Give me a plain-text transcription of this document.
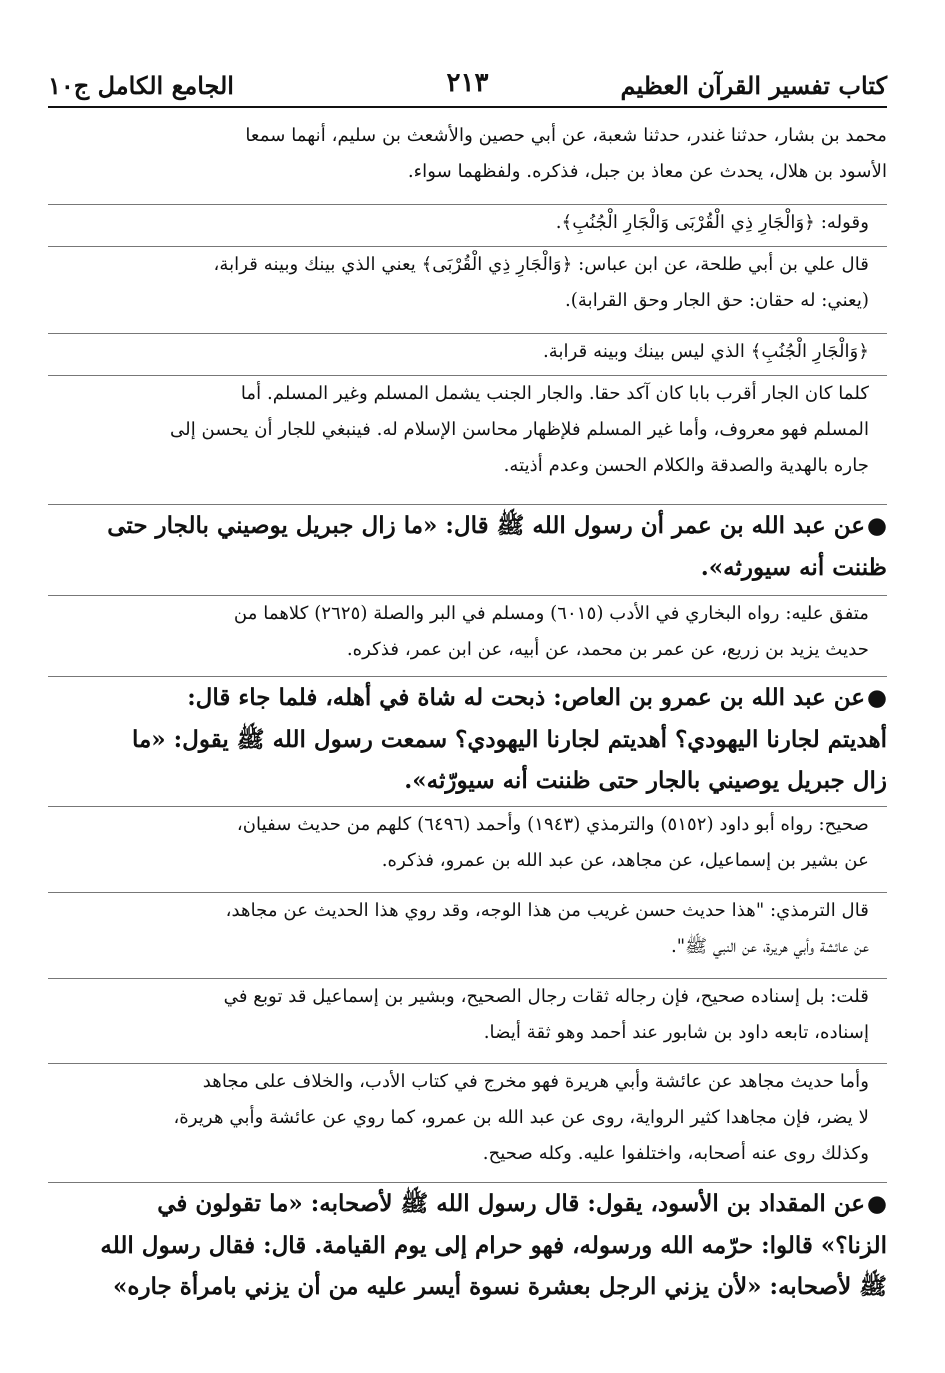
كتاب تفسير القرآن العظيم
٢١٣
الجامع الكامل ج١٠
محمد بن بشار، حدثنا غندر، حدثنا شعبة، عن أبي حصين والأشعث بن سليم، أنهما سمعا
الأسود بن هلال، يحدث عن معاذ بن جبل، فذكره. ولفظهما سواء.
وقوله: ﴿وَالْجَارِ ذِي الْقُرْبَى وَالْجَارِ الْجُنُبِ﴾.
قال علي بن أبي طلحة، عن ابن عباس: ﴿وَالْجَارِ ذِي الْقُرْبَى﴾ يعني الذي بينك وبينه قرابة،
(يعني: له حقان: حق الجار وحق القرابة).
﴿وَالْجَارِ الْجُنُبِ﴾ الذي ليس بينك وبينه قرابة.
كلما كان الجار أقرب بابا كان آكد حقا. والجار الجنب يشمل المسلم وغير المسلم. أما
المسلم فهو معروف، وأما غير المسلم فلإظهار محاسن الإسلام له. فينبغي للجار أن يحسن إلى
جاره بالهدية والصدقة والكلام الحسن وعدم أذيته.
●عن عبد الله بن عمر أن رسول الله ﷺ قال: «ما زال جبريل يوصيني بالجار حتى
ظننت أنه سيورثه».
متفق عليه: رواه البخاري في الأدب (٦٠١٥) ومسلم في البر والصلة (٢٦٢٥) كلاهما من
حديث يزيد بن زريع، عن عمر بن محمد، عن أبيه، عن ابن عمر، فذكره.
●عن عبد الله بن عمرو بن العاص: ذبحت له شاة في أهله، فلما جاء قال:
أهديتم لجارنا اليهودي؟ أهديتم لجارنا اليهودي؟ سمعت رسول الله ﷺ يقول: «ما
زال جبريل يوصيني بالجار حتى ظننت أنه سيورّثه».
صحيح: رواه أبو داود (٥١٥٢) والترمذي (١٩٤٣) وأحمد (٦٤٩٦) كلهم من حديث سفيان،
عن بشير بن إسماعيل، عن مجاهد، عن عبد الله بن عمرو، فذكره.
قال الترمذي: "هذا حديث حسن غريب من هذا الوجه، وقد روي هذا الحديث عن مجاهد،
عن عائشة وأبي هريرة، عن النبي ﷺ".
قلت: بل إسناده صحيح، فإن رجاله ثقات رجال الصحيح، وبشير بن إسماعيل قد توبع في
إسناده، تابعه داود بن شابور عند أحمد وهو ثقة أيضا.
وأما حديث مجاهد عن عائشة وأبي هريرة فهو مخرج في كتاب الأدب، والخلاف على مجاهد
لا يضر، فإن مجاهدا كثير الرواية، روى عن عبد الله بن عمرو، كما روي عن عائشة وأبي هريرة،
وكذلك روى عنه أصحابه، واختلفوا عليه. وكله صحيح.
●عن المقداد بن الأسود، يقول: قال رسول الله ﷺ لأصحابه: «ما تقولون في
الزنا؟» قالوا: حرّمه الله ورسوله، فهو حرام إلى يوم القيامة. قال: فقال رسول الله
ﷺ لأصحابه: «لأن يزني الرجل بعشرة نسوة أيسر عليه من أن يزني بامرأة جاره»
